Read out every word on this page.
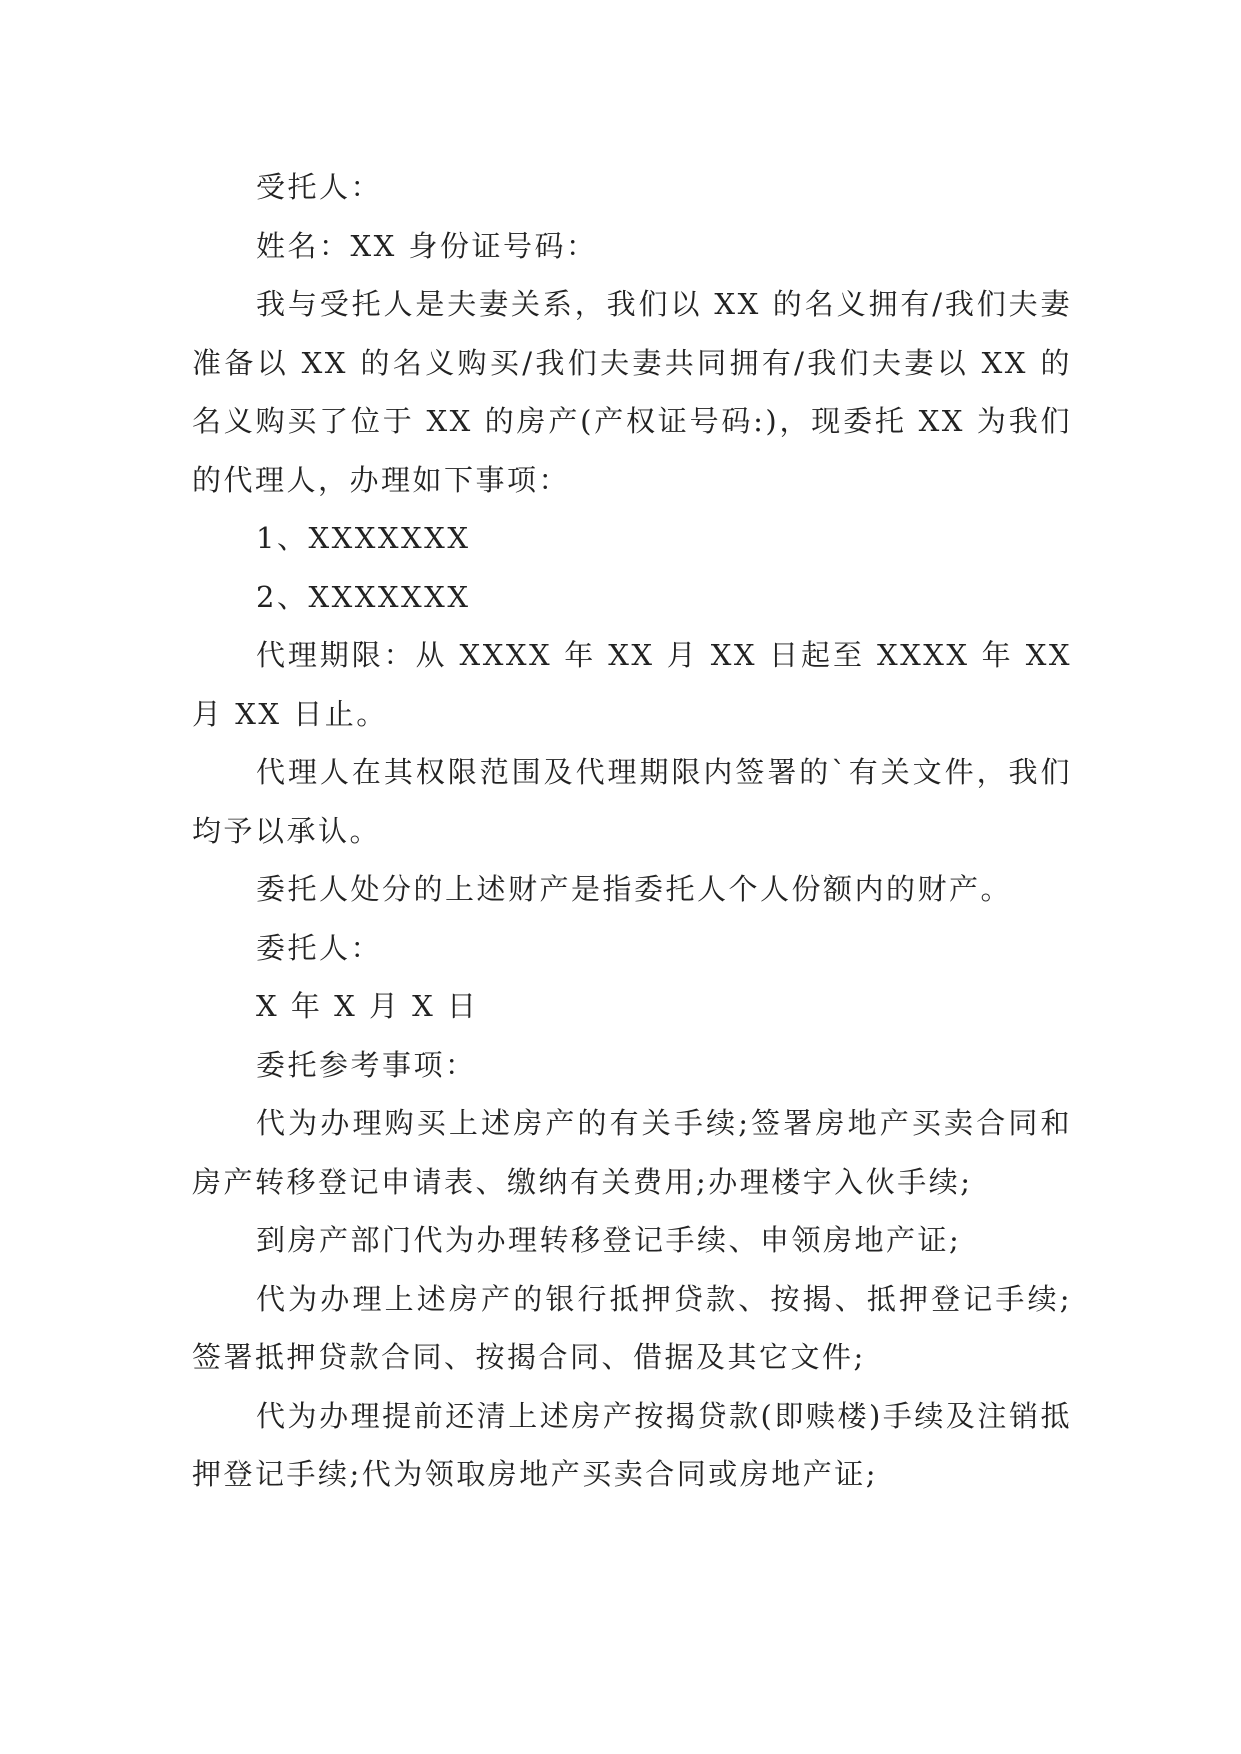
受托人：

姓名：XX 身份证号码：

我与受托人是夫妻关系，我们以 XX 的名义拥有/我们夫妻准备以 XX 的名义购买/我们夫妻共同拥有/我们夫妻以 XX 的名义购买了位于 XX 的房产(产权证号码:)，现委托 XX 为我们的代理人，办理如下事项：

1、XXXXXXX

2、XXXXXXX

代理期限：从 XXXX 年 XX 月 XX 日起至 XXXX 年 XX 月 XX 日止。

代理人在其权限范围及代理期限内签署的`有关文件，我们均予以承认。

委托人处分的上述财产是指委托人个人份额内的财产。

委托人：

X 年 X 月 X 日

委托参考事项：

代为办理购买上述房产的有关手续;签署房地产买卖合同和房产转移登记申请表、缴纳有关费用;办理楼宇入伙手续;

到房产部门代为办理转移登记手续、申领房地产证;

代为办理上述房产的银行抵押贷款、按揭、抵押登记手续;签署抵押贷款合同、按揭合同、借据及其它文件;

代为办理提前还清上述房产按揭贷款(即赎楼)手续及注销抵押登记手续;代为领取房地产买卖合同或房地产证;
